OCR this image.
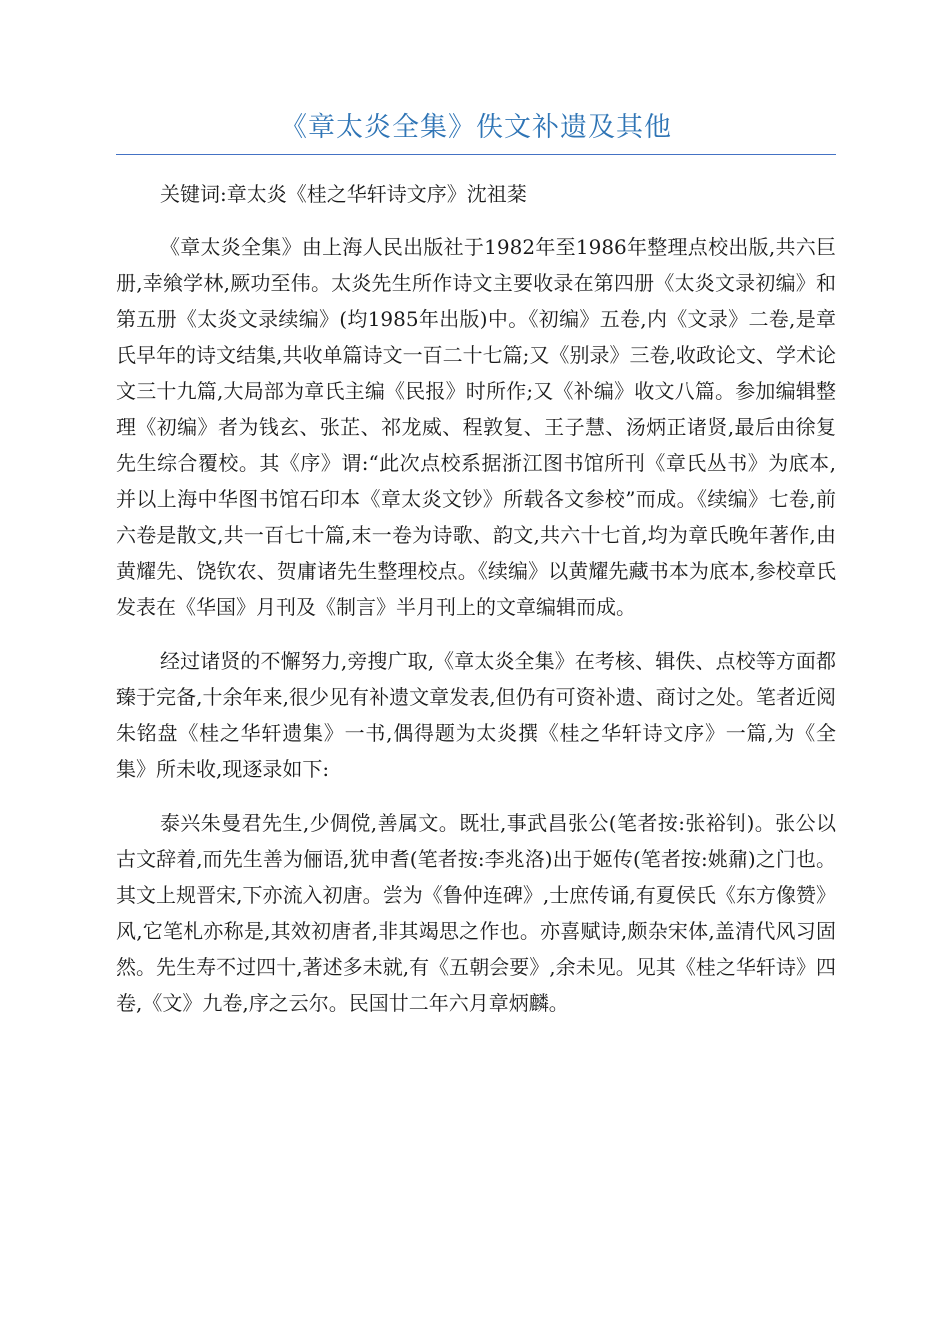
《章太炎全集》佚文补遗及其他

关键词:章太炎《桂之华轩诗文序》沈祖棻

《章太炎全集》由上海人民出版社于1982年至1986年整理点校出版,共六巨册,幸飨学林,厥功至伟。太炎先生所作诗文主要收录在第四册《太炎文录初编》和第五册《太炎文录续编》(均1985年出版)中。《初编》五卷,内《文录》二卷,是章氏早年的诗文结集,共收单篇诗文一百二十七篇;又《别录》三卷,收政论文、学术论文三十九篇,大局部为章氏主编《民报》时所作;又《补编》收文八篇。参加编辑整理《初编》者为钱玄、张芷、祁龙威、程敦复、王子慧、汤炳正诸贤,最后由徐复先生综合覆校。其《序》谓:“此次点校系据浙江图书馆所刊《章氏丛书》为底本,并以上海中华图书馆石印本《章太炎文钞》所载各文参校”而成。《续编》七卷,前六卷是散文,共一百七十篇,末一卷为诗歌、韵文,共六十七首,均为章氏晚年著作,由黄耀先、饶钦农、贺庸诸先生整理校点。《续编》以黄耀先藏书本为底本,参校章氏发表在《华国》月刊及《制言》半月刊上的文章编辑而成。

经过诸贤的不懈努力,旁搜广取,《章太炎全集》在考核、辑佚、点校等方面都臻于完备,十余年来,很少见有补遗文章发表,但仍有可资补遗、商讨之处。笔者近阅朱铭盘《桂之华轩遗集》一书,偶得题为太炎撰《桂之华轩诗文序》一篇,为《全集》所未收,现逐录如下:

泰兴朱曼君先生,少倜傥,善属文。既壮,事武昌张公(笔者按:张裕钊)。张公以古文辞着,而先生善为俪语,犹申耆(笔者按:李兆洛)出于姬传(笔者按:姚鼐)之门也。其文上规晋宋,下亦流入初唐。尝为《鲁仲连碑》,士庶传诵,有夏侯氏《东方像赞》风,它笔札亦称是,其效初唐者,非其竭思之作也。亦喜赋诗,颇杂宋体,盖清代风习固然。先生寿不过四十,著述多未就,有《五朝会要》,余未见。见其《桂之华轩诗》四卷,《文》九卷,序之云尔。民国廿二年六月章炳麟。
